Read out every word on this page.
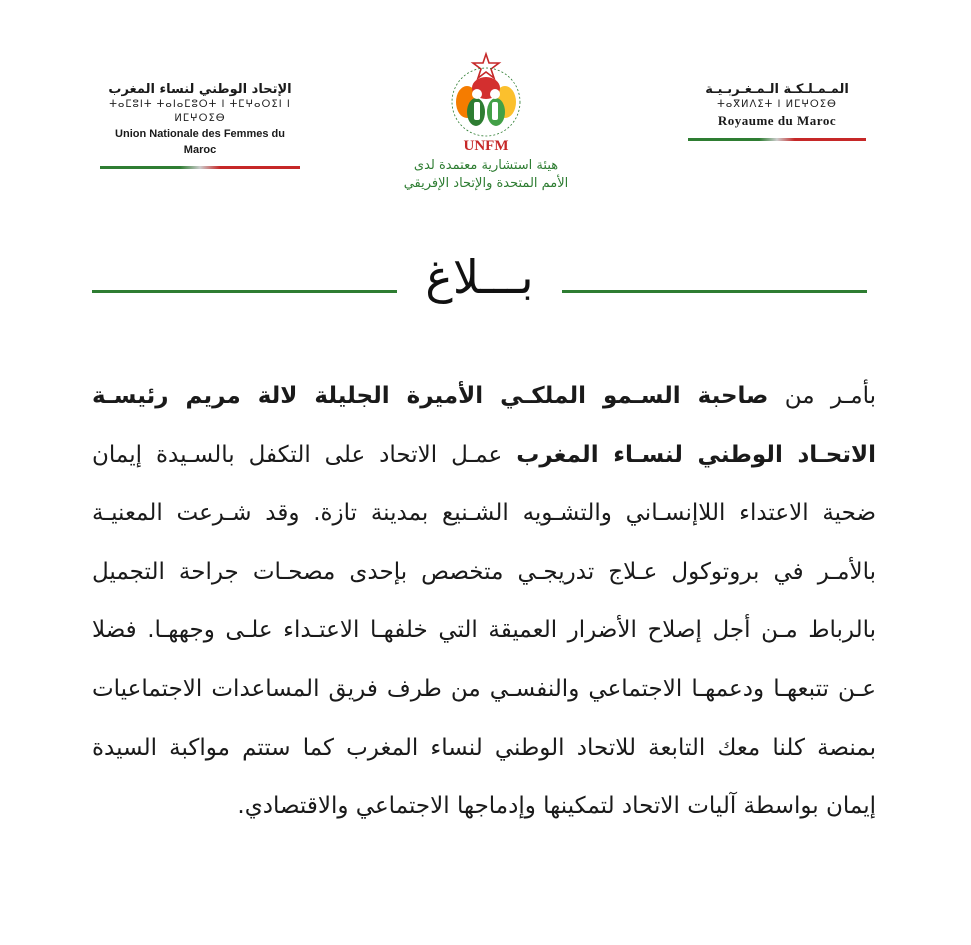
الإتحاد الوطني لنساء المغرب
ⵜⴰⵎⵓⵏⵜ ⵜⴰⵏⴰⵎⵓⵔⵜ ⵏ ⵜⵎⵖⴰⵔⵉⵏ ⵏ ⵍⵎⵖⵔⵉⴱ
Union Nationale des Femmes du Maroc	UNFM
هيئة استشارية معتمدة لدى
الأمم المتحدة والإتحاد الإفريقي
المـمـلـكـة الـمـغـربـيـة
ⵜⴰⴳⵍⴷⵉⵜ ⵏ ⵍⵎⵖⵔⵉⴱ
Royaume du Maroc
بـــلاغ
بأمـر من صاحبة السـمو الملكـي الأميرة الجليلة لالة مريم رئيسـة الاتحـاد الوطني لنسـاء المغرب عمـل الاتحاد على التكفل بالسـيدة إيمان ضحية الاعتداء اللاإنسـاني والتشـويه الشـنيع بمدينة تازة. وقد شـرعت المعنيـة بالأمـر في بروتوكول عـلاج تدريجـي متخصص بإحدى مصحـات جراحة التجميل بالرباط مـن أجل إصلاح الأضرار العميقة التي خلفهـا الاعتـداء علـى وجههـا. فضلا عـن تتبعهـا ودعمهـا الاجتماعي والنفسـي من طرف فريق المساعدات الاجتماعيات بمنصة كلنا معك التابعة للاتحاد الوطني لنساء المغرب كما ستتم مواكبة السيدة إيمان بواسطة آليات الاتحاد لتمكينها وإدماجها الاجتماعي والاقتصادي.
